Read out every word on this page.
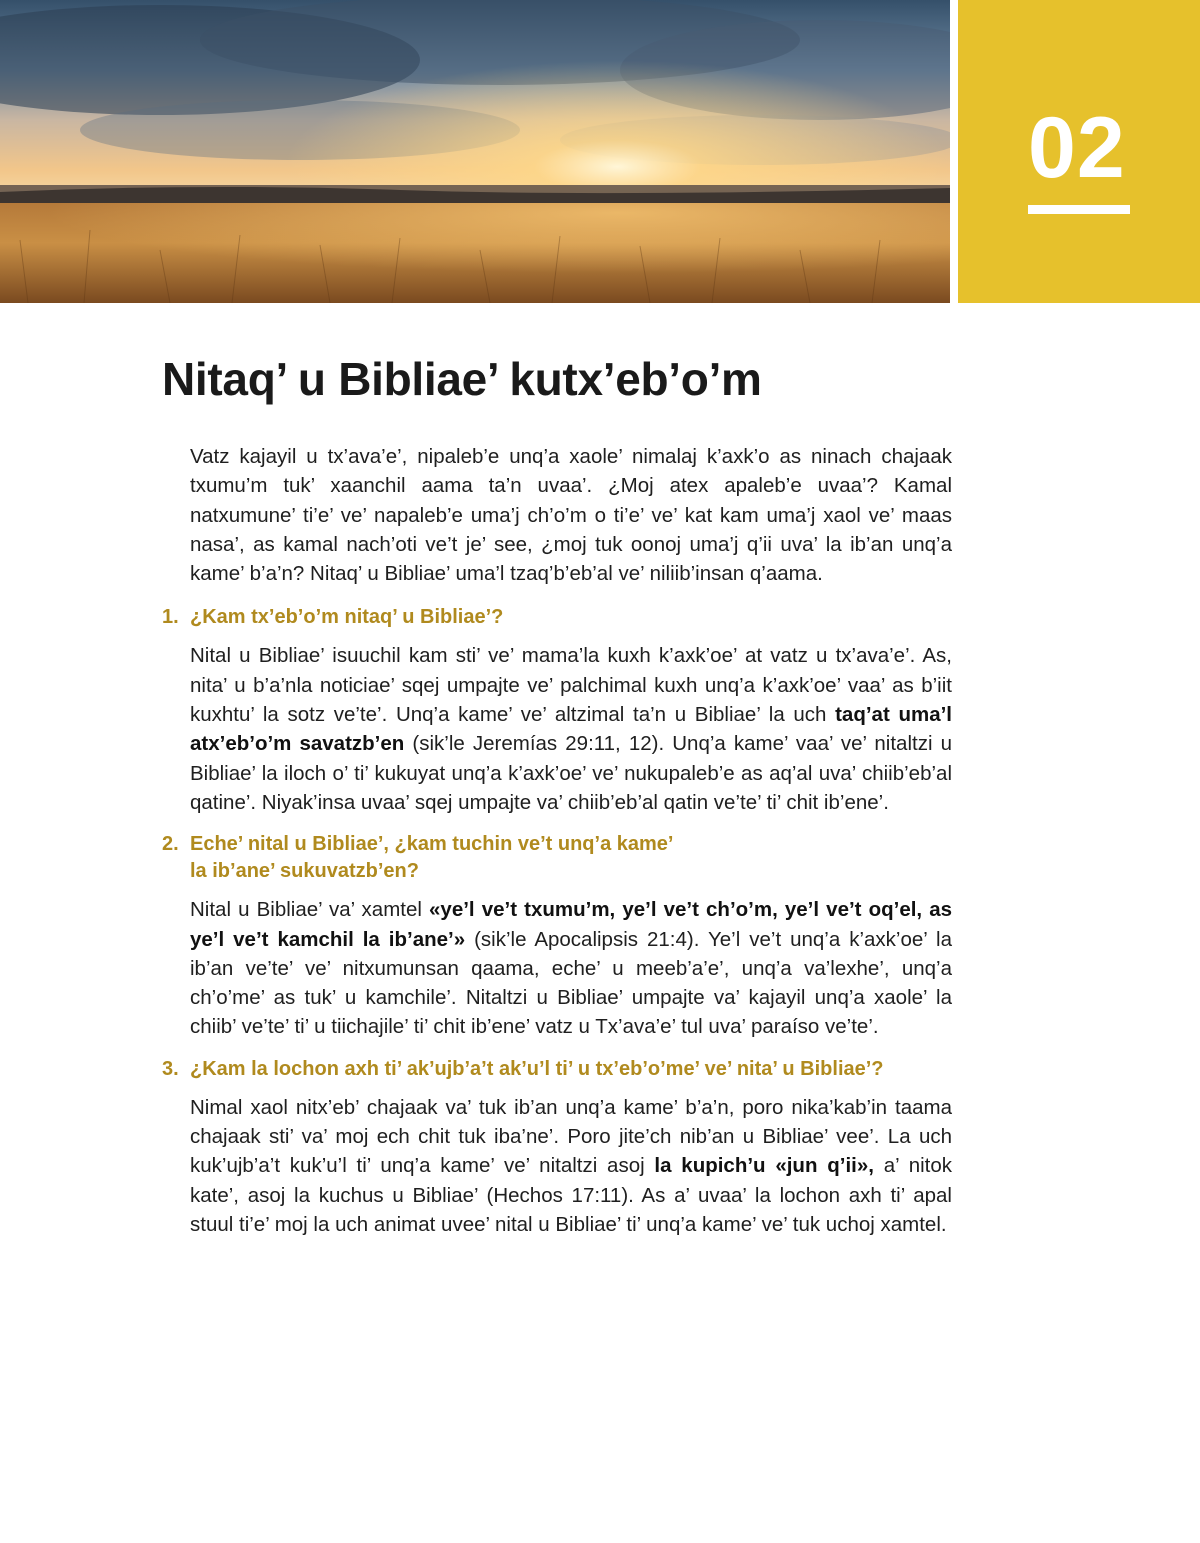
02
Nitaq’ u Bibliae’ kutx’eb’o’m

Vatz kajayil u tx’ava’e’, nipaleb’e unq’a xaole’ nimalaj k’axk’o as ninach chajaak txumu’m tuk’ xaanchil aama ta’n uvaa’. ¿Moj atex apaleb’e uvaa’? Kamal natxumune’ ti’e’ ve’ napaleb’e uma’j ch’o’m o ti’e’ ve’ kat kam uma’j xaol ve’ maas nasa’, as kamal nach’oti ve’t je’ see, ¿moj tuk oonoj uma’j q’ii uva’ la ib’an unq’a kame’ b’a’n? Nitaq’ u Bibliae’ uma’l tzaq’b’eb’al ve’ niliib’insan q’aama.

1. ¿Kam tx’eb’o’m nitaq’ u Bibliae’?

Nital u Bibliae’ isuuchil kam sti’ ve’ mama’la kuxh k’axk’oe’ at vatz u tx’ava’e’. As, nita’ u b’a’nla noticiae’ sqej umpajte ve’ palchimal kuxh unq’a k’axk’oe’ vaa’ as b’iit kuxhtu’ la sotz ve’te’. Unq’a kame’ ve’ altzimal ta’n u Bibliae’ la uch taq’at uma’l atx’eb’o’m savatzb’en (sik’le Jeremías 29:11, 12). Unq’a kame’ vaa’ ve’ nitaltzi u Bibliae’ la iloch o’ ti’ kukuyat unq’a k’axk’oe’ ve’ nukupaleb’e as aq’al uva’ chiib’eb’al qatine’. Niyak’insa uvaa’ sqej umpajte va’ chiib’eb’al qatin ve’te’ ti’ chit ib’ene’.

2. Eche’ nital u Bibliae’, ¿kam tuchin ve’t unq’a kame’
la ib’ane’ sukuvatzb’en?

Nital u Bibliae’ va’ xamtel «ye’l ve’t txumu’m, ye’l ve’t ch’o’m, ye’l ve’t oq’el, as ye’l ve’t kamchil la ib’ane’» (sik’le Apocalipsis 21:4). Ye’l ve’t unq’a k’axk’oe’ la ib’an ve’te’ ve’ nitxumunsan qaama, eche’ u meeb’a’e’, unq’a va’lexhe’, unq’a ch’o’me’ as tuk’ u kamchile’. Nitaltzi u Bibliae’ umpajte va’ kajayil unq’a xaole’ la chiib’ ve’te’ ti’ u tiichajile’ ti’ chit ib’ene’ vatz u Tx’ava’e’ tul uva’ paraíso ve’te’.

3. ¿Kam la lochon axh ti’ ak’ujb’a’t ak’u’l ti’ u tx’eb’o’me’ ve’ nita’ u Bibliae’?

Nimal xaol nitx’eb’ chajaak va’ tuk ib’an unq’a kame’ b’a’n, poro nika’kab’in taama chajaak sti’ va’ moj ech chit tuk iba’ne’. Poro jite’ch nib’an u Bibliae’ vee’. La uch kuk’ujb’a’t kuk’u’l ti’ unq’a kame’ ve’ nitaltzi asoj la kupich’u «jun q’ii», a’ nitok kate’, asoj la kuchus u Bibliae’ (Hechos 17:11). As a’ uvaa’ la lochon axh ti’ apal stuul ti’e’ moj la uch animat uvee’ nital u Bibliae’ ti’ unq’a kame’ ve’ tuk uchoj xamtel.
